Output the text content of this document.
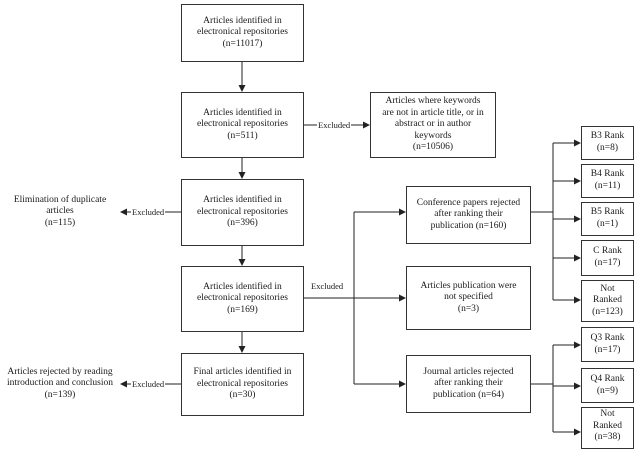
Articles identified in
electronical repositories
(n=11017)
Articles identified in
electronical repositories
(n=511)
Articles identified in
electronical repositories
(n=396)
Articles identified in
electronical repositories
(n=169)
Final articles identified in
electronical repositories
(n=30)
Articles where keywords
are not in article title, or in
abstract or in author
keywords
(n=10506)
Elimination of duplicate
articles
(n=115)
Articles rejected by reading
introduction and conclusion
(n=139)
Conference papers rejected
after ranking their
publication (n=160)
Articles publication were
not specified
(n=3)
Journal articles rejected
after ranking their
publication (n=64)
B3 Rank
(n=8)
B4 Rank
(n=11)
B5 Rank
(n=1)
C Rank
(n=17)
Not
Ranked
(n=123)
Q3 Rank
(n=17)
Q4 Rank
(n=9)
Not
Ranked
(n=38)
Excluded
Excluded
Excluded
Excluded
